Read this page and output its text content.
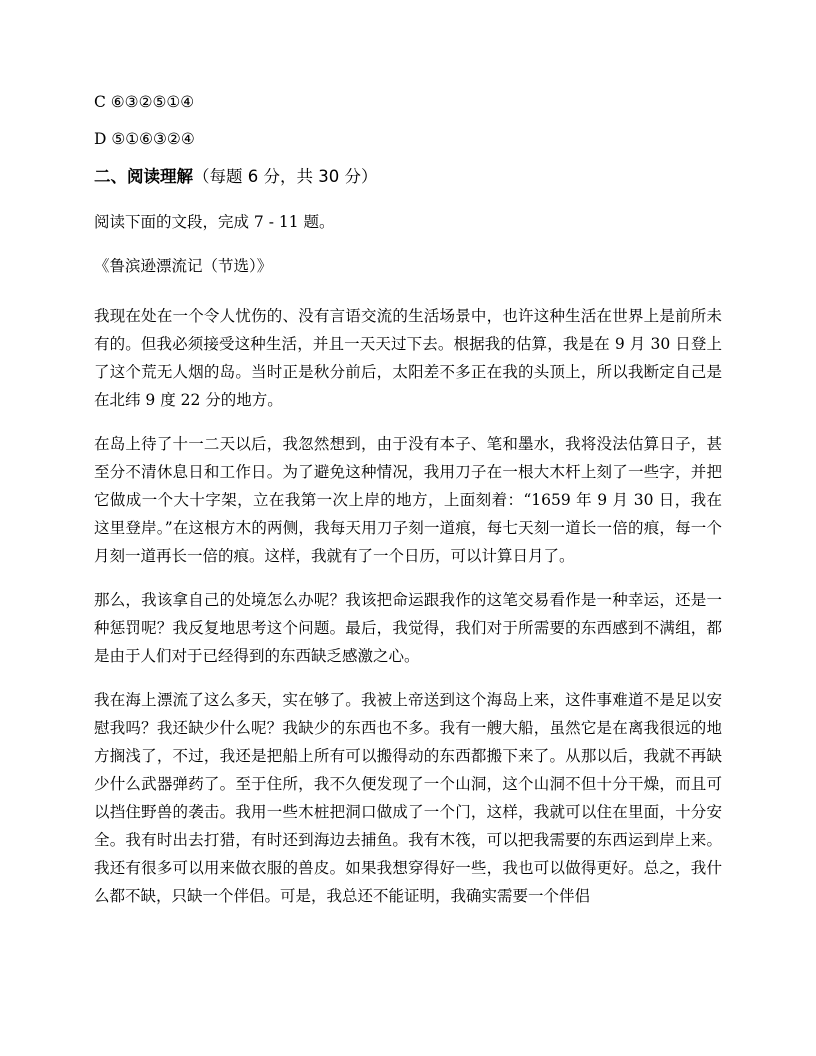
C ⑥③②⑤①④
D ⑤①⑥③②④
二、阅读理解（每题 6 分，共 30 分）
阅读下面的文段，完成 7 - 11 题。
《鲁滨逊漂流记（节选）》

我现在处在一个令人忧伤的、没有言语交流的生活场景中，也许这种生活在世界上是前所未有的。但我必须接受这种生活，并且一天天过下去。根据我的估算，我是在 9 月 30 日登上了这个荒无人烟的岛。当时正是秋分前后，太阳差不多正在我的头顶上，所以我断定自己是在北纬 9 度 22 分的地方。

在岛上待了十一二天以后，我忽然想到，由于没有本子、笔和墨水，我将没法估算日子，甚至分不清休息日和工作日。为了避免这种情况，我用刀子在一根大木杆上刻了一些字，并把它做成一个大十字架，立在我第一次上岸的地方，上面刻着：“1659 年 9 月 30 日，我在这里登岸。”在这根方木的两侧，我每天用刀子刻一道痕，每七天刻一道长一倍的痕，每一个月刻一道再长一倍的痕。这样，我就有了一个日历，可以计算日月了。

那么，我该拿自己的处境怎么办呢？我该把命运跟我作的这笔交易看作是一种幸运，还是一种惩罚呢？我反复地思考这个问题。最后，我觉得，我们对于所需要的东西感到不满组，都是由于人们对于已经得到的东西缺乏感激之心。

我在海上漂流了这么多天，实在够了。我被上帝送到这个海岛上来，这件事难道不是足以安慰我吗？我还缺少什么呢？我缺少的东西也不多。我有一艘大船，虽然它是在离我很远的地方搁浅了，不过，我还是把船上所有可以搬得动的东西都搬下来了。从那以后，我就不再缺少什么武器弹药了。至于住所，我不久便发现了一个山洞，这个山洞不但十分干燥，而且可以挡住野兽的袭击。我用一些木桩把洞口做成了一个门，这样，我就可以住在里面，十分安全。我有时出去打猎，有时还到海边去捕鱼。我有木筏，可以把我需要的东西运到岸上来。我还有很多可以用来做衣服的兽皮。如果我想穿得好一些，我也可以做得更好。总之，我什么都不缺，只缺一个伴侣。可是，我总还不能证明，我确实需要一个伴侣
